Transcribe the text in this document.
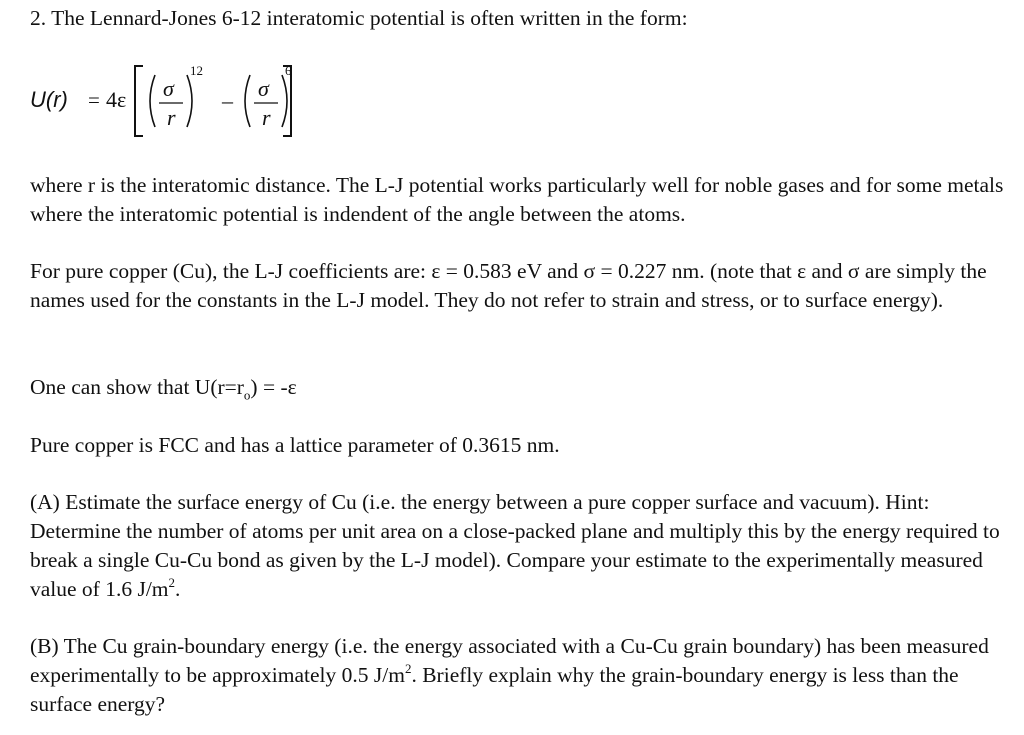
2. The Lennard-Jones 6-12 interatomic potential is often written in the form:

U(r) = 4ε σ
r
12
– σ
r
6

where r is the interatomic distance. The L-J potential works particularly well for noble gases and for some metals where the interatomic potential is indendent of the angle between the atoms.

For pure copper (Cu), the L-J coefficients are: ε = 0.583 eV and σ = 0.227 nm. (note that ε and σ are simply the names used for the constants in the L-J model. They do not refer to strain and stress, or to surface energy).

One can show that $U(r=r_o) = -\varepsilon$

Pure copper is FCC and has a lattice parameter of 0.3615 nm.

(A) Estimate the surface energy of Cu (i.e. the energy between a pure copper surface and vacuum). Hint: Determine the number of atoms per unit area on a close-packed plane and multiply this by the energy required to break a single Cu-Cu bond as given by the L-J model). Compare your estimate to the experimentally measured value of 1.6 $J/m^2$.

(B) The Cu grain-boundary energy (i.e. the energy associated with a Cu-Cu grain boundary) has been measured experimentally to be approximately 0.5 $J/m^2$. Briefly explain why the grain-boundary energy is less than the surface energy?
